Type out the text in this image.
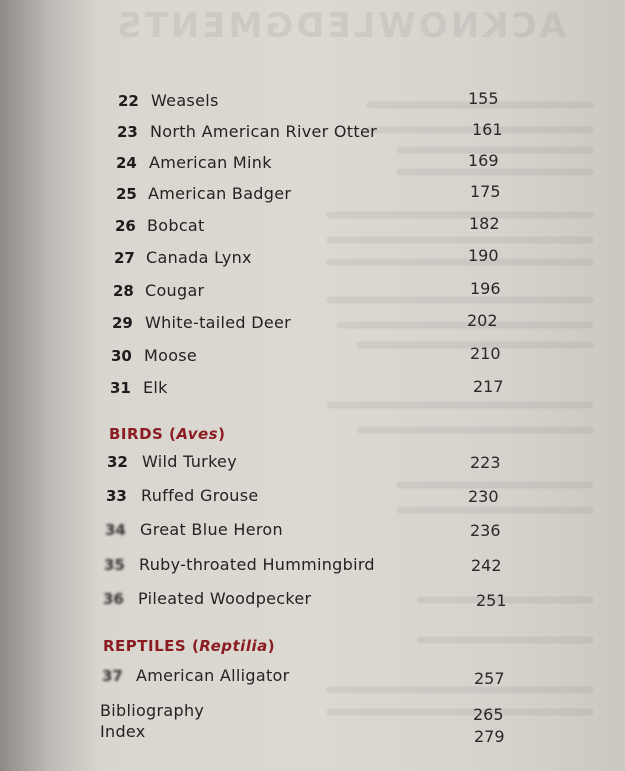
ACKNOWLEDGMENTS
22 Weasels	155
23 North American River Otter	161
24 American Mink	169
25 American Badger	175
26 Bobcat	182
27 Canada Lynx	190
28 Cougar	196
29 White-tailed Deer	202
30 Moose	210
31 Elk	217
BIRDS (Aves)
32 Wild Turkey	223
33 Ruffed Grouse	230
34 Great Blue Heron	236
35 Ruby-throated Hummingbird	242
36 Pileated Woodpecker	251
REPTILES (Reptilia)
37 American Alligator	257
Bibliography	265
Index	279
